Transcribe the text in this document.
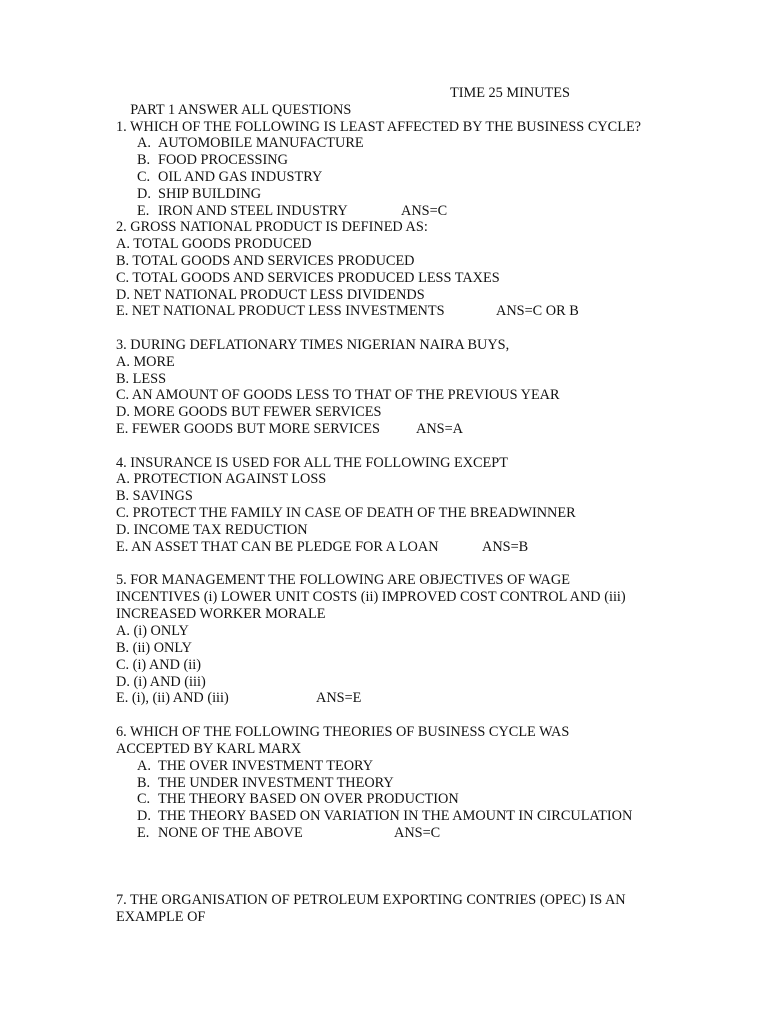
PART 1 ANSWER ALL QUESTIONS

TIME 25 MINUTES

1. WHICH OF THE FOLLOWING IS LEAST AFFECTED BY THE BUSINESS CYCLE?
A. AUTOMOBILE MANUFACTURE
B. FOOD PROCESSING
C. OIL AND GAS INDUSTRY
D. SHIP BUILDING
E. IRON AND STEEL INDUSTRY	ANS=C
2. GROSS NATIONAL PRODUCT IS DEFINED AS:
A. TOTAL GOODS PRODUCED
B. TOTAL GOODS AND SERVICES PRODUCED
C. TOTAL GOODS AND SERVICES PRODUCED LESS TAXES
D. NET NATIONAL PRODUCT LESS DIVIDENDS
E. NET NATIONAL PRODUCT LESS INVESTMENTS	ANS=C OR B
3. DURING DEFLATIONARY TIMES NIGERIAN NAIRA BUYS,
A. MORE
B. LESS
C. AN AMOUNT OF GOODS LESS TO THAT OF THE PREVIOUS YEAR
D. MORE GOODS BUT FEWER SERVICES
E. FEWER GOODS BUT MORE SERVICES	ANS=A
4. INSURANCE IS USED FOR ALL THE FOLLOWING EXCEPT
A. PROTECTION AGAINST LOSS
B. SAVINGS
C. PROTECT THE FAMILY IN CASE OF DEATH OF THE BREADWINNER
D. INCOME TAX REDUCTION
E. AN ASSET THAT CAN BE PLEDGE FOR A LOAN	ANS=B
5. FOR MANAGEMENT THE FOLLOWING ARE OBJECTIVES OF WAGE INCENTIVES (i) LOWER UNIT COSTS (ii) IMPROVED COST CONTROL AND (iii) INCREASED WORKER MORALE
A. (i) ONLY
B. (ii) ONLY
C. (i) AND (ii)
D. (i) AND (iii)
E. (i), (ii) AND (iii)	ANS=E
6. WHICH OF THE FOLLOWING THEORIES OF BUSINESS CYCLE WAS ACCEPTED BY KARL MARX
A. THE OVER INVESTMENT TEORY
B. THE UNDER INVESTMENT THEORY
C. THE THEORY BASED ON OVER PRODUCTION
D. THE THEORY BASED ON VARIATION IN THE AMOUNT IN CIRCULATION
E. NONE OF THE ABOVE	ANS=C
7. THE ORGANISATION OF PETROLEUM EXPORTING CONTRIES (OPEC) IS AN EXAMPLE OF
